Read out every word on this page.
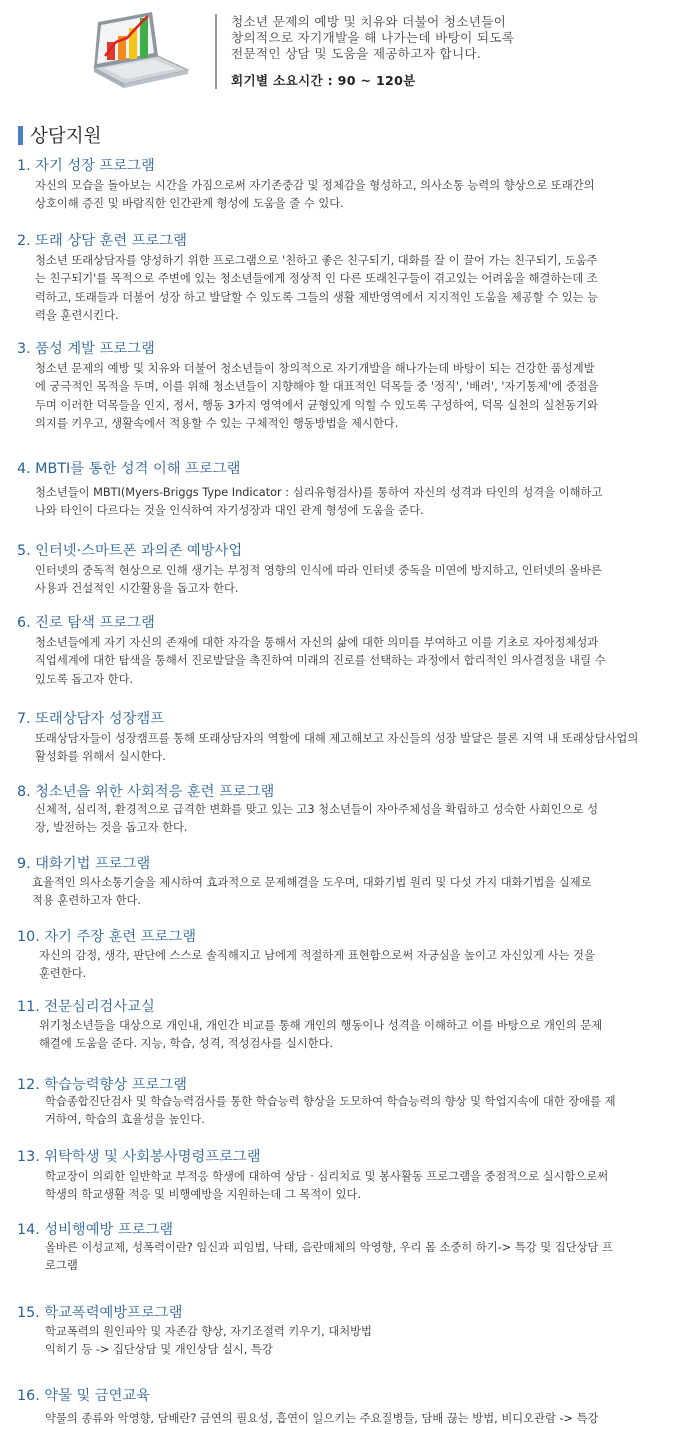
청소년 문제의 예방 및 치유와 더불어 청소년들이
창의적으로 자기개발을 해 나가는데 바탕이 되도록
전문적인 상담 및 도움을 제공하고자 합니다.
회기별 소요시간 : 90 ~ 120분
상담지원
1. 자기 성장 프로그램
자신의 모습을 돌아보는 시간을 가짐으로써 자기존중감 및 정체감을 형성하고, 의사소통 능력의 향상으로 또래간의
상호이해 증진 및 바람직한 인간관계 형성에 도움을 줄 수 있다.
2. 또래 상담 훈련 프로그램
청소년 또래상담자를 양성하기 위한 프로그램으로 '친하고 좋은 친구되기, 대화를 잘 이 끌어 가는 친구되기, 도움주
는 친구되기'를 목적으로 주변에 있는 청소년들에게 정상적 인 다른 또래친구들이 겪고있는 어려움을 해결하는데 조
력하고, 또래들과 더불어 성장 하고 발달할 수 있도록 그들의 생활 제반영역에서 지지적인 도움을 제공할 수 있는 능
력을 훈련시킨다.
3. 품성 계발 프로그램
청소년 문제의 예방 및 치유와 더불어 청소년들이 창의적으로 자기개발을 해나가는데 바탕이 되는 건강한 품성계발
에 궁극적인 목적을 두며, 이를 위해 청소년들이 지향해야 할 대표적인 덕목들 중 '정직', '배려', '자기통제'에 중점을
두며 이러한 덕목들을 인지, 정서, 행동 3가지 영역에서 균형있게 익힐 수 있도록 구성하여, 덕목 실천의 실천동기와
의지를 키우고, 생활속에서 적용할 수 있는 구체적인 행동방법을 제시한다.
4. MBTI를 통한 성격 이해 프로그램
청소년들이 MBTI(Myers-Briggs Type Indicator : 심리유형검사)를 통하여 자신의 성격과 타인의 성격을 이해하고
나와 타인이 다르다는 것을 인식하여 자기성장과 대인 관계 형성에 도움을 준다.
5. 인터넷·스마트폰 과의존 예방사업
인터넷의 중독적 현상으로 인해 생기는 부정적 영향의 인식에 따라 인터넷 중독을 미연에 방지하고, 인터넷의 올바른
사용과 건설적인 시간활용을 돕고자 한다.
6. 진로 탐색 프로그램
청소년들에게 자기 자신의 존재에 대한 자각을 통해서 자신의 삶에 대한 의미를 부여하고 이를 기초로 자아정체성과
직업세계에 대한 탐색을 통해서 진로발달을 촉진하여 미래의 진로를 선택하는 과정에서 합리적인 의사결정을 내릴 수
있도록 돕고자 한다.
7. 또래상담자 성장캠프
또래상담자들이 성장캠프를 통해 또래상담자의 역할에 대해 제고해보고 자신들의 성장 발달은 물론 지역 내 또래상담사업의
활성화를 위해서 실시한다.
8. 청소년을 위한 사회적응 훈련 프로그램
신체적, 심리적, 환경적으로 급격한 변화를 맞고 있는 고3 청소년들이 자아주체성을 확립하고 성숙한 사회인으로 성
장, 발전하는 것을 돕고자 한다.
9. 대화기법 프로그램
효율적인 의사소통기술을 제시하여 효과적으로 문제해결을 도우며, 대화기법 원리 및 다섯 가지 대화기법을 실제로
적용 훈련하고자 한다.
10. 자기 주장 훈련 프로그램
자신의 감정, 생각, 판단에 스스로 솔직해지고 남에게 적절하게 표현함으로써 자긍심을 높이고 자신있게 사는 것을
훈련한다.
11. 전문심리검사교실
위기청소년들을 대상으로 개인내, 개인간 비교를 통해 개인의 행동이나 성격을 이해하고 이를 바탕으로 개인의 문제
해결에 도움을 준다. 지능, 학습, 성격, 적성검사를 실시한다.
12. 학습능력향상 프로그램
학습종합진단검사 및 학습능력검사를 통한 학습능력 향상을 도모하여 학습능력의 향상 및 학업지속에 대한 장애를 제
거하여, 학습의 효율성을 높인다.
13. 위탁학생 및 사회봉사명령프로그램
학교장이 의뢰한 일반학교 부적응 학생에 대하여 상담 · 심리치료 및 봉사활동 프로그램을 중점적으로 실시함으로써
학생의 학교생활 적응 및 비행예방을 지원하는데 그 목적이 있다.
14. 성비행예방 프로그램
올바른 이성교제, 성폭력이란? 임신과 피임법, 낙태, 음란매체의 악영향, 우리 몸 소중히 하기-> 특강 및 집단상담 프
로그램
15. 학교폭력예방프로그램
학교폭력의 원인파악 및 자존감 향상, 자기조절력 키우기, 대처방법
익히기 등 -> 집단상담 및 개인상담 실시, 특강
16. 약물 및 금연교육
약물의 종류와 악영향, 담배란? 금연의 필요성, 흡연이 일으키는 주요질병들, 담배 끊는 방법, 비디오관람 -> 특강
